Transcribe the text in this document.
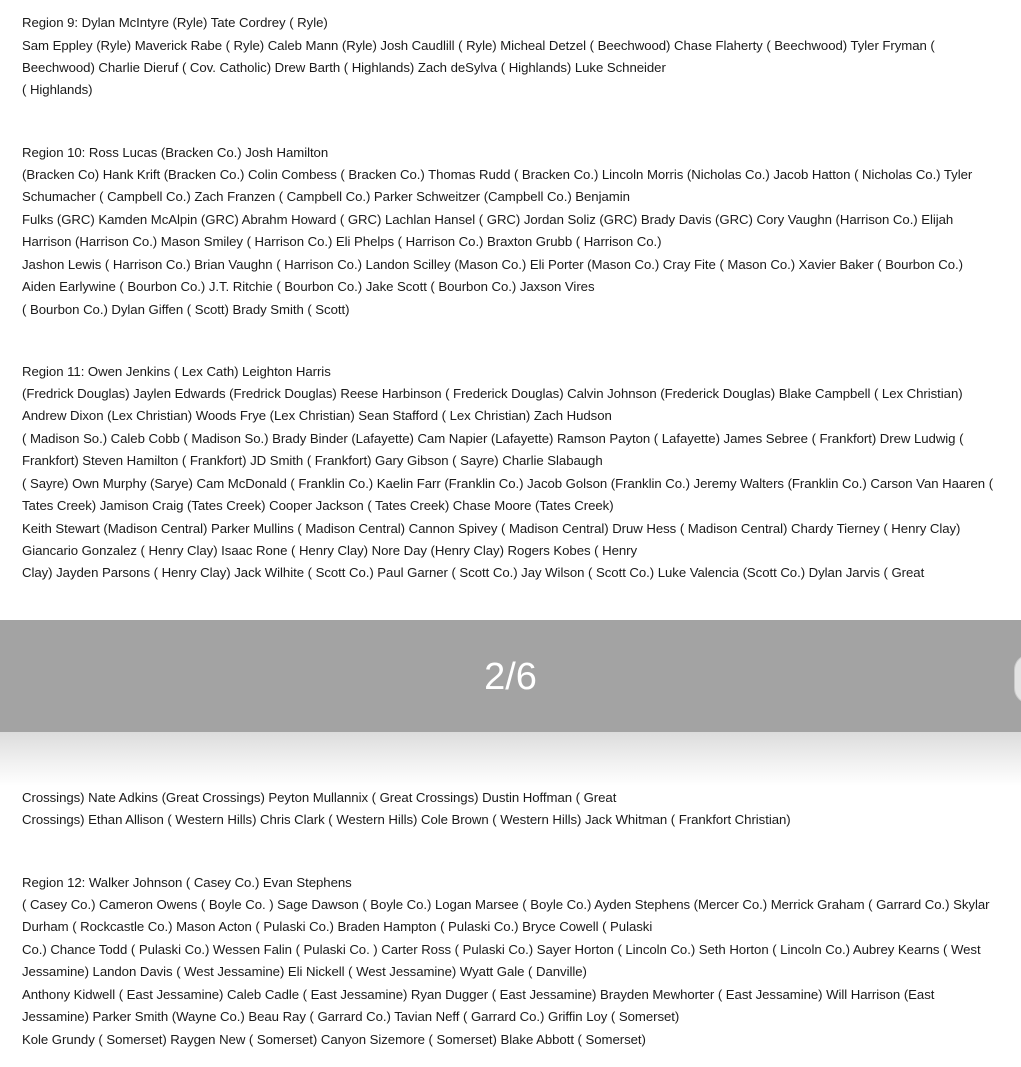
Region 9: Dylan McIntyre (Ryle) Tate Cordrey ( Ryle)
Sam Eppley (Ryle) Maverick Rabe ( Ryle) Caleb Mann (Ryle) Josh Caudlill ( Ryle) Micheal Detzel ( Beechwood) Chase Flaherty ( Beechwood) Tyler Fryman (
Beechwood) Charlie Dieruf ( Cov. Catholic) Drew Barth ( Highlands) Zach deSylva ( Highlands) Luke Schneider
( Highlands)
Region 10: Ross Lucas (Bracken Co.) Josh Hamilton
(Bracken Co) Hank Krift (Bracken Co.) Colin Combess ( Bracken Co.) Thomas Rudd ( Bracken Co.) Lincoln Morris (Nicholas Co.) Jacob Hatton ( Nicholas Co.) Tyler
Schumacher ( Campbell Co.) Zach Franzen ( Campbell Co.) Parker Schweitzer (Campbell Co.) Benjamin
Fulks (GRC) Kamden McAlpin (GRC) Abrahm Howard ( GRC) Lachlan Hansel ( GRC) Jordan Soliz (GRC) Brady Davis (GRC) Cory Vaughn (Harrison Co.) Elijah
Harrison (Harrison Co.) Mason Smiley ( Harrison Co.) Eli Phelps ( Harrison Co.) Braxton Grubb ( Harrison Co.)
Jashon Lewis ( Harrison Co.) Brian Vaughn ( Harrison Co.) Landon Scilley (Mason Co.) Eli Porter (Mason Co.) Cray Fite ( Mason Co.) Xavier Baker ( Bourbon Co.)
Aiden Earlywine ( Bourbon Co.) J.T. Ritchie ( Bourbon Co.) Jake Scott ( Bourbon Co.) Jaxson Vires
( Bourbon Co.) Dylan Giffen ( Scott) Brady Smith ( Scott)
Region 11: Owen Jenkins ( Lex Cath) Leighton Harris
(Fredrick Douglas) Jaylen Edwards (Fredrick Douglas) Reese Harbinson ( Frederick Douglas) Calvin Johnson (Frederick Douglas) Blake Campbell ( Lex Christian)
Andrew Dixon (Lex Christian) Woods Frye (Lex Christian) Sean Stafford ( Lex Christian) Zach Hudson
( Madison So.) Caleb Cobb ( Madison So.) Brady Binder (Lafayette) Cam Napier (Lafayette) Ramson Payton ( Lafayette) James Sebree ( Frankfort) Drew Ludwig (
Frankfort) Steven Hamilton ( Frankfort) JD Smith ( Frankfort) Gary Gibson ( Sayre) Charlie Slabaugh
( Sayre) Own Murphy (Sarye) Cam McDonald ( Franklin Co.) Kaelin Farr (Franklin Co.) Jacob Golson (Franklin Co.) Jeremy Walters (Franklin Co.) Carson Van Haaren (
Tates Creek) Jamison Craig (Tates Creek) Cooper Jackson ( Tates Creek) Chase Moore (Tates Creek)
Keith Stewart (Madison Central) Parker Mullins ( Madison Central) Cannon Spivey ( Madison Central) Druw Hess ( Madison Central) Chardy Tierney ( Henry Clay)
Giancario Gonzalez ( Henry Clay) Isaac Rone ( Henry Clay) Nore Day (Henry Clay) Rogers Kobes ( Henry
Clay) Jayden Parsons ( Henry Clay) Jack Wilhite ( Scott Co.) Paul Garner ( Scott Co.) Jay Wilson ( Scott Co.) Luke Valencia (Scott Co.) Dylan Jarvis ( Great
2/6
Crossings) Nate Adkins (Great Crossings) Peyton Mullannix ( Great Crossings) Dustin Hoffman ( Great
Crossings) Ethan Allison ( Western Hills) Chris Clark ( Western Hills) Cole Brown ( Western Hills) Jack Whitman ( Frankfort Christian)
Region 12: Walker Johnson ( Casey Co.) Evan Stephens
( Casey Co.) Cameron Owens ( Boyle Co. ) Sage Dawson ( Boyle Co.) Logan Marsee ( Boyle Co.) Ayden Stephens (Mercer Co.) Merrick Graham ( Garrard Co.) Skylar
Durham ( Rockcastle Co.) Mason Acton ( Pulaski Co.) Braden Hampton ( Pulaski Co.) Bryce Cowell ( Pulaski
Co.) Chance Todd ( Pulaski Co.) Wessen Falin ( Pulaski Co. ) Carter Ross ( Pulaski Co.) Sayer Horton ( Lincoln Co.) Seth Horton ( Lincoln Co.) Aubrey Kearns ( West
Jessamine) Landon Davis ( West Jessamine) Eli Nickell ( West Jessamine) Wyatt Gale ( Danville)
Anthony Kidwell ( East Jessamine) Caleb Cadle ( East Jessamine) Ryan Dugger ( East Jessamine) Brayden Mewhorter ( East Jessamine) Will Harrison (East
Jessamine) Parker Smith (Wayne Co.) Beau Ray ( Garrard Co.) Tavian Neff ( Garrard Co.) Griffin Loy ( Somerset)
Kole Grundy ( Somerset) Raygen New ( Somerset) Canyon Sizemore ( Somerset) Blake Abbott ( Somerset)
